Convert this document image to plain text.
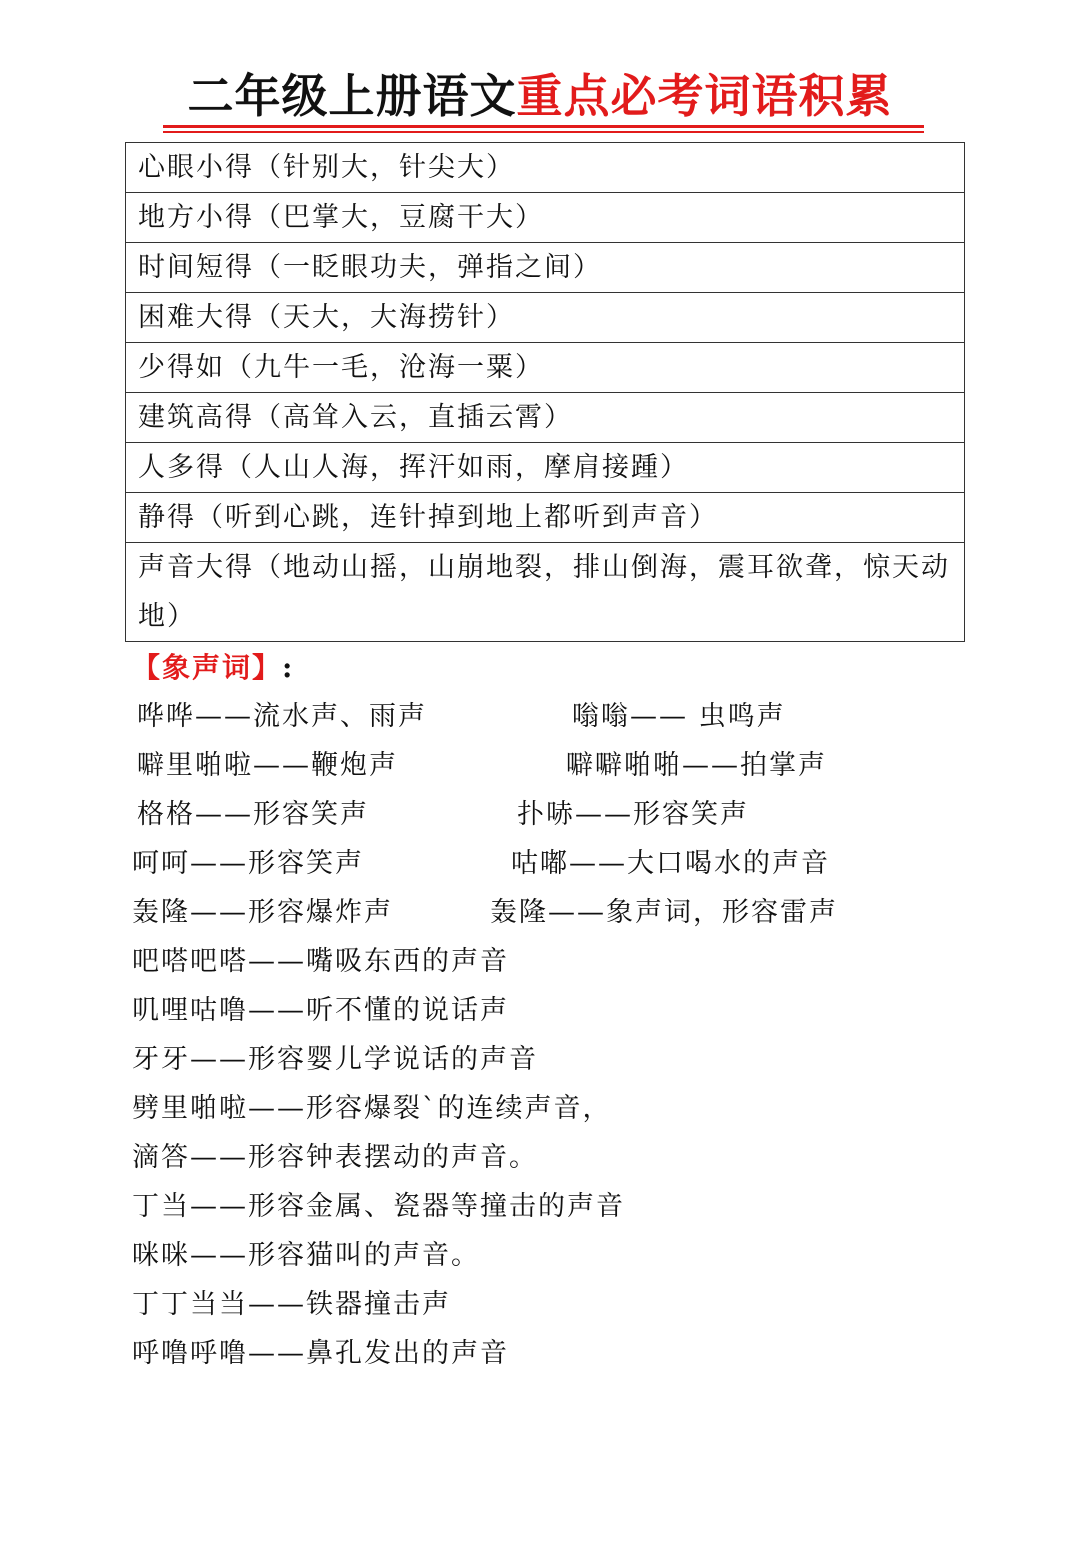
二年级上册语文重点必考词语积累
心眼小得（针别大，针尖大）
地方小得（巴掌大，豆腐干大）
时间短得（一眨眼功夫，弹指之间）
困难大得（天大，大海捞针）
少得如（九牛一毛，沧海一粟）
建筑高得（高耸入云，直插云霄）
人多得（人山人海，挥汗如雨，摩肩接踵）
静得（听到心跳，连针掉到地上都听到声音）
声音大得（地动山摇，山崩地裂，排山倒海，震耳欲聋，惊天动地）
【象声词】:
哗哗——流水声、雨声	嗡嗡—— 虫鸣声
噼里啪啦——鞭炮声	噼噼啪啪——拍掌声
格格——形容笑声	扑哧——形容笑声
呵呵——形容笑声	咕嘟——大口喝水的声音
轰隆——形容爆炸声	轰隆——象声词，形容雷声
吧嗒吧嗒——嘴吸东西的声音
叽哩咕噜——听不懂的说话声
牙牙——形容婴儿学说话的声音
劈里啪啦——形容爆裂`的连续声音，
滴答——形容钟表摆动的声音。
丁当——形容金属、瓷器等撞击的声音
咪咪——形容猫叫的声音。
丁丁当当——铁器撞击声
呼噜呼噜——鼻孔发出的声音
